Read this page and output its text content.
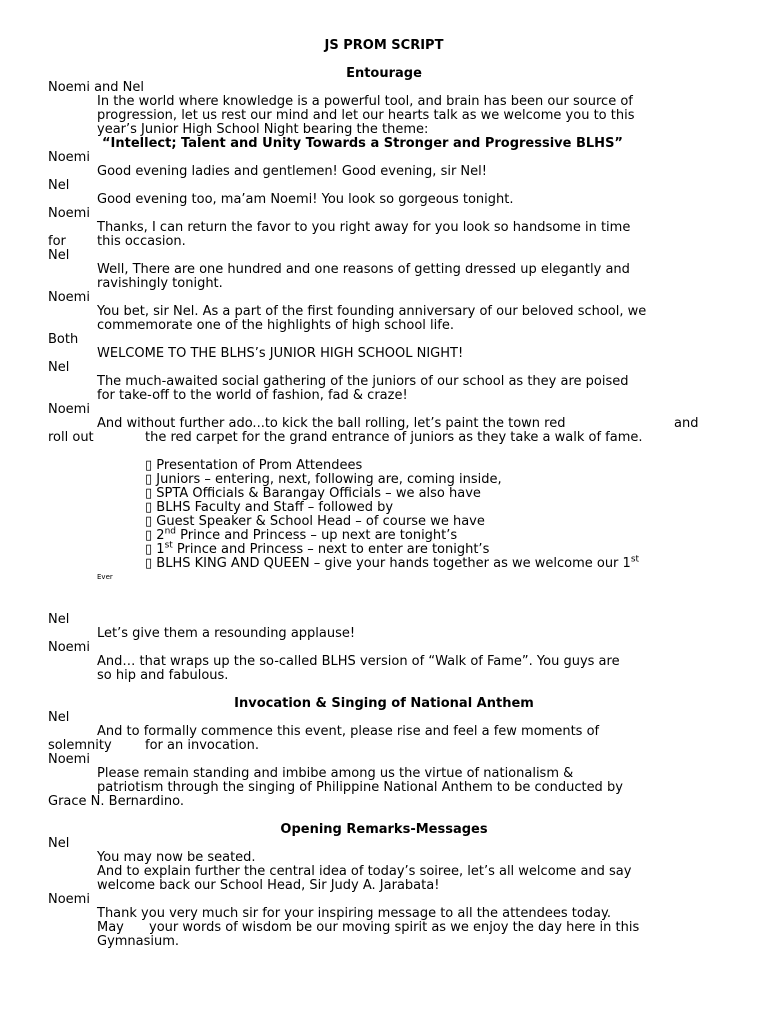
JS PROM SCRIPT
Entourage
Noemi and Nel
In the world where knowledge is a powerful tool, and brain has been our source of
progression, let us rest our mind and let our hearts talk as we welcome you to this
year’s Junior High School Night bearing the theme:
“Intellect; Talent and Unity Towards a Stronger and Progressive BLHS”
Noemi
Good evening ladies and gentlemen! Good evening, sir Nel!
Nel
Good evening too, ma’am Noemi! You look so gorgeous tonight.
Noemi
Thanks, I can return the favor to you right away for you look so handsome in time
for this occasion.
Nel
Well, There are one hundred and one reasons of getting dressed up elegantly and
ravishingly tonight.
Noemi
You bet, sir Nel. As a part of the first founding anniversary of our beloved school, we
commemorate one of the highlights of high school life.
Both
WELCOME TO THE BLHS’s JUNIOR HIGH SCHOOL NIGHT!
Nel
The much-awaited social gathering of the juniors of our school as they are poised
for take-off to the world of fashion, fad & craze!
Noemi
And without further ado...to kick the ball rolling, let’s paint the town red	and
roll out	the red carpet for the grand entrance of juniors as they take a walk of fame.
▯ Presentation of Prom Attendees
▯ Juniors – entering, next, following are, coming inside,
▯ SPTA Officials & Barangay Officials – we also have
▯ BLHS Faculty and Staff – followed by
▯ Guest Speaker & School Head – of course we have
▯ 2nd Prince and Princess – up next are tonight’s
▯ 1st Prince and Princess – next to enter are tonight’s
▯ BLHS KING AND QUEEN – give your hands together as we welcome our 1st
Ever
Nel
Let’s give them a resounding applause!
Noemi
And… that wraps up the so-called BLHS version of “Walk of Fame”. You guys are
so hip and fabulous.
Invocation & Singing of National Anthem
Nel
And to formally commence this event, please rise and feel a few moments of
solemnity	for an invocation.
Noemi
Please remain standing and imbibe among us the virtue of nationalism &
patriotism through the singing of Philippine National Anthem to be conducted by
Grace N. Bernardino.
Opening Remarks-Messages
Nel
You may now be seated.
And to explain further the central idea of today’s soiree, let’s all welcome and say
welcome back our School Head, Sir Judy A. Jarabata!
Noemi
Thank you very much sir for your inspiring message to all the attendees today.
May your words of wisdom be our moving spirit as we enjoy the day here in this
Gymnasium.
